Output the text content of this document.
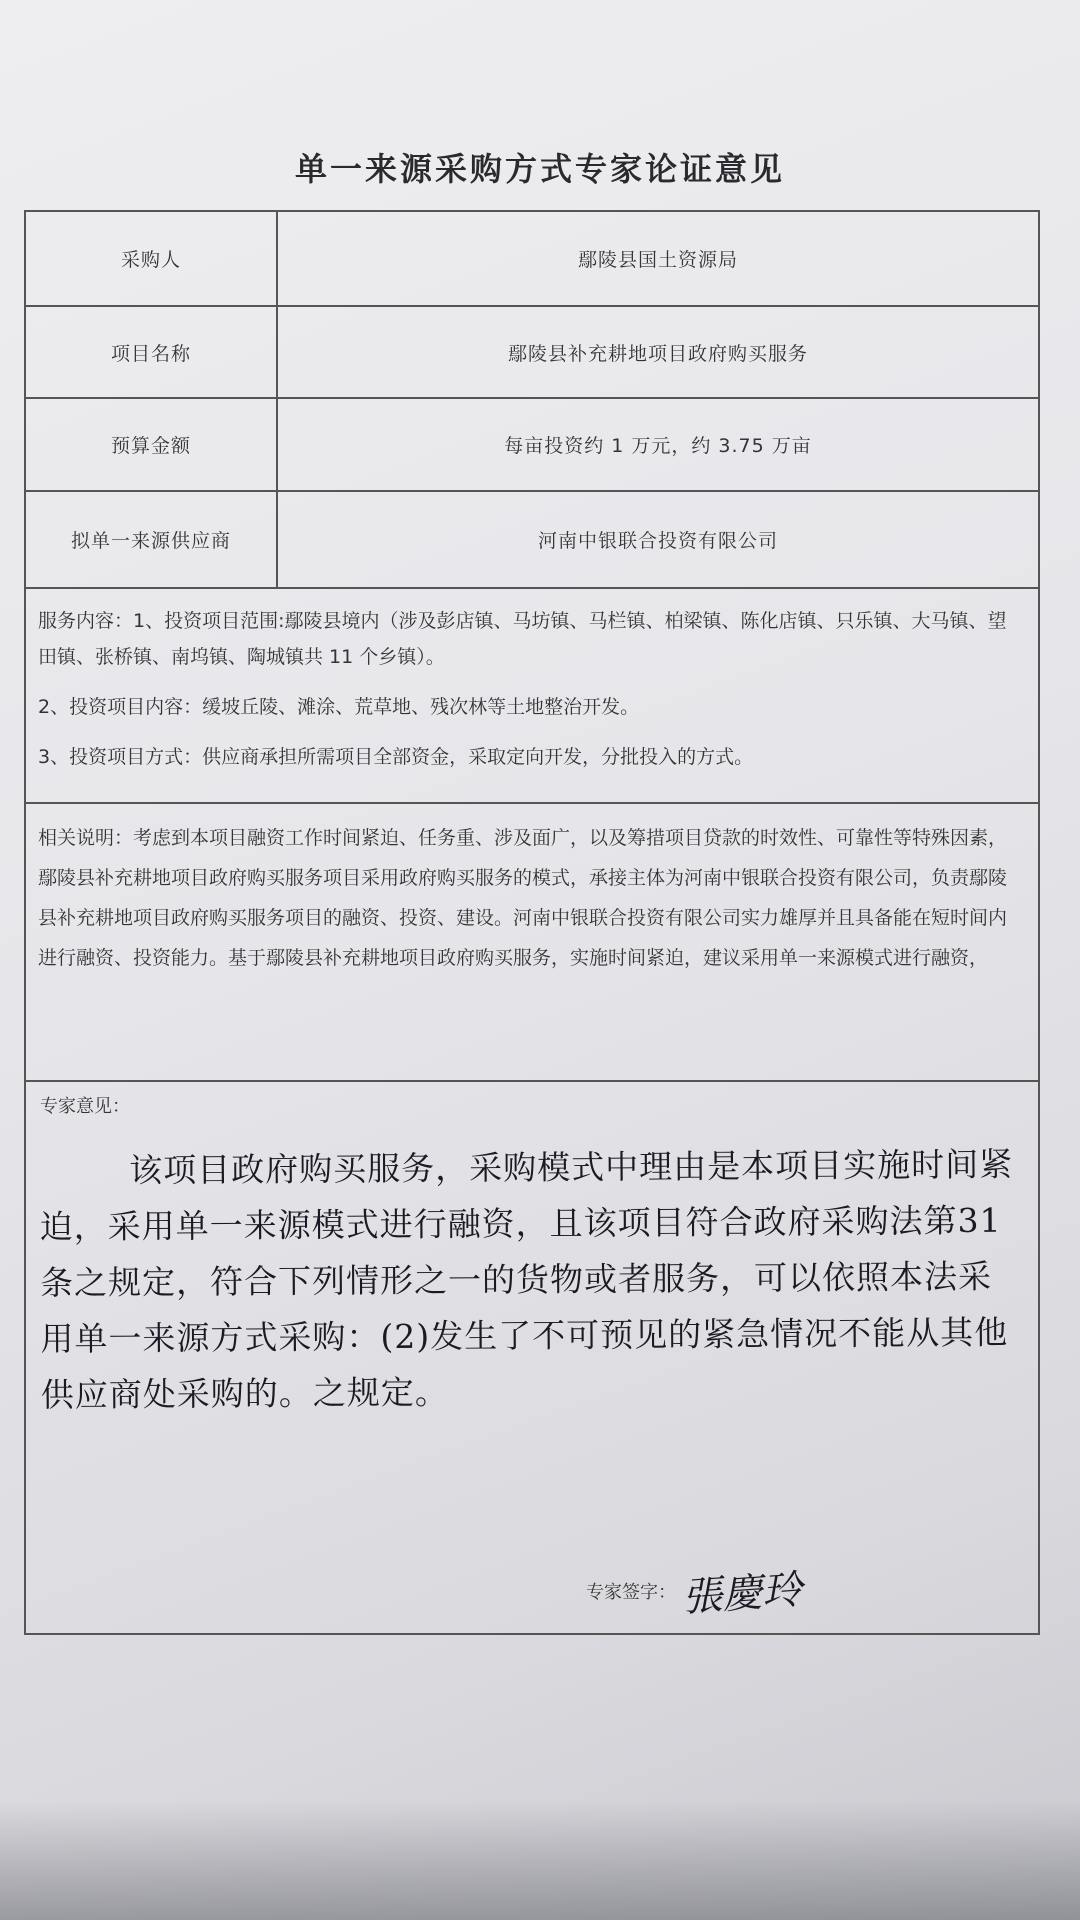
单一来源采购方式专家论证意见
采购人	鄢陵县国土资源局
项目名称	鄢陵县补充耕地项目政府购买服务
预算金额	每亩投资约 1 万元，约 3.75 万亩
拟单一来源供应商	河南中银联合投资有限公司

服务内容：1、投资项目范围:鄢陵县境内（涉及彭店镇、马坊镇、马栏镇、柏梁镇、陈化店镇、只乐镇、大马镇、望田镇、张桥镇、南坞镇、陶城镇共 11 个乡镇）。

2、投资项目内容：缓坡丘陵、滩涂、荒草地、残次林等土地整治开发。

3、投资项目方式：供应商承担所需项目全部资金，采取定向开发，分批投入的方式。

相关说明：考虑到本项目融资工作时间紧迫、任务重、涉及面广，以及筹措项目贷款的时效性、可靠性等特殊因素，鄢陵县补充耕地项目政府购买服务项目采用政府购买服务的模式，承接主体为河南中银联合投资有限公司，负责鄢陵县补充耕地项目政府购买服务项目的融资、投资、建设。河南中银联合投资有限公司实力雄厚并且具备能在短时间内进行融资、投资能力。基于鄢陵县补充耕地项目政府购买服务，实施时间紧迫，建议采用单一来源模式进行融资，

专家意见：
该项目政府购买服务，采购模式中理由是本项目实施时间紧迫，采用单一来源模式进行融资，且该项目符合政府采购法第31条之规定，符合下列情形之一的货物或者服务，可以依照本法采用单一来源方式采购：(2)发生了不可预见的紧急情况不能从其他供应商处采购的。之规定。
专家签字： 張慶玲
